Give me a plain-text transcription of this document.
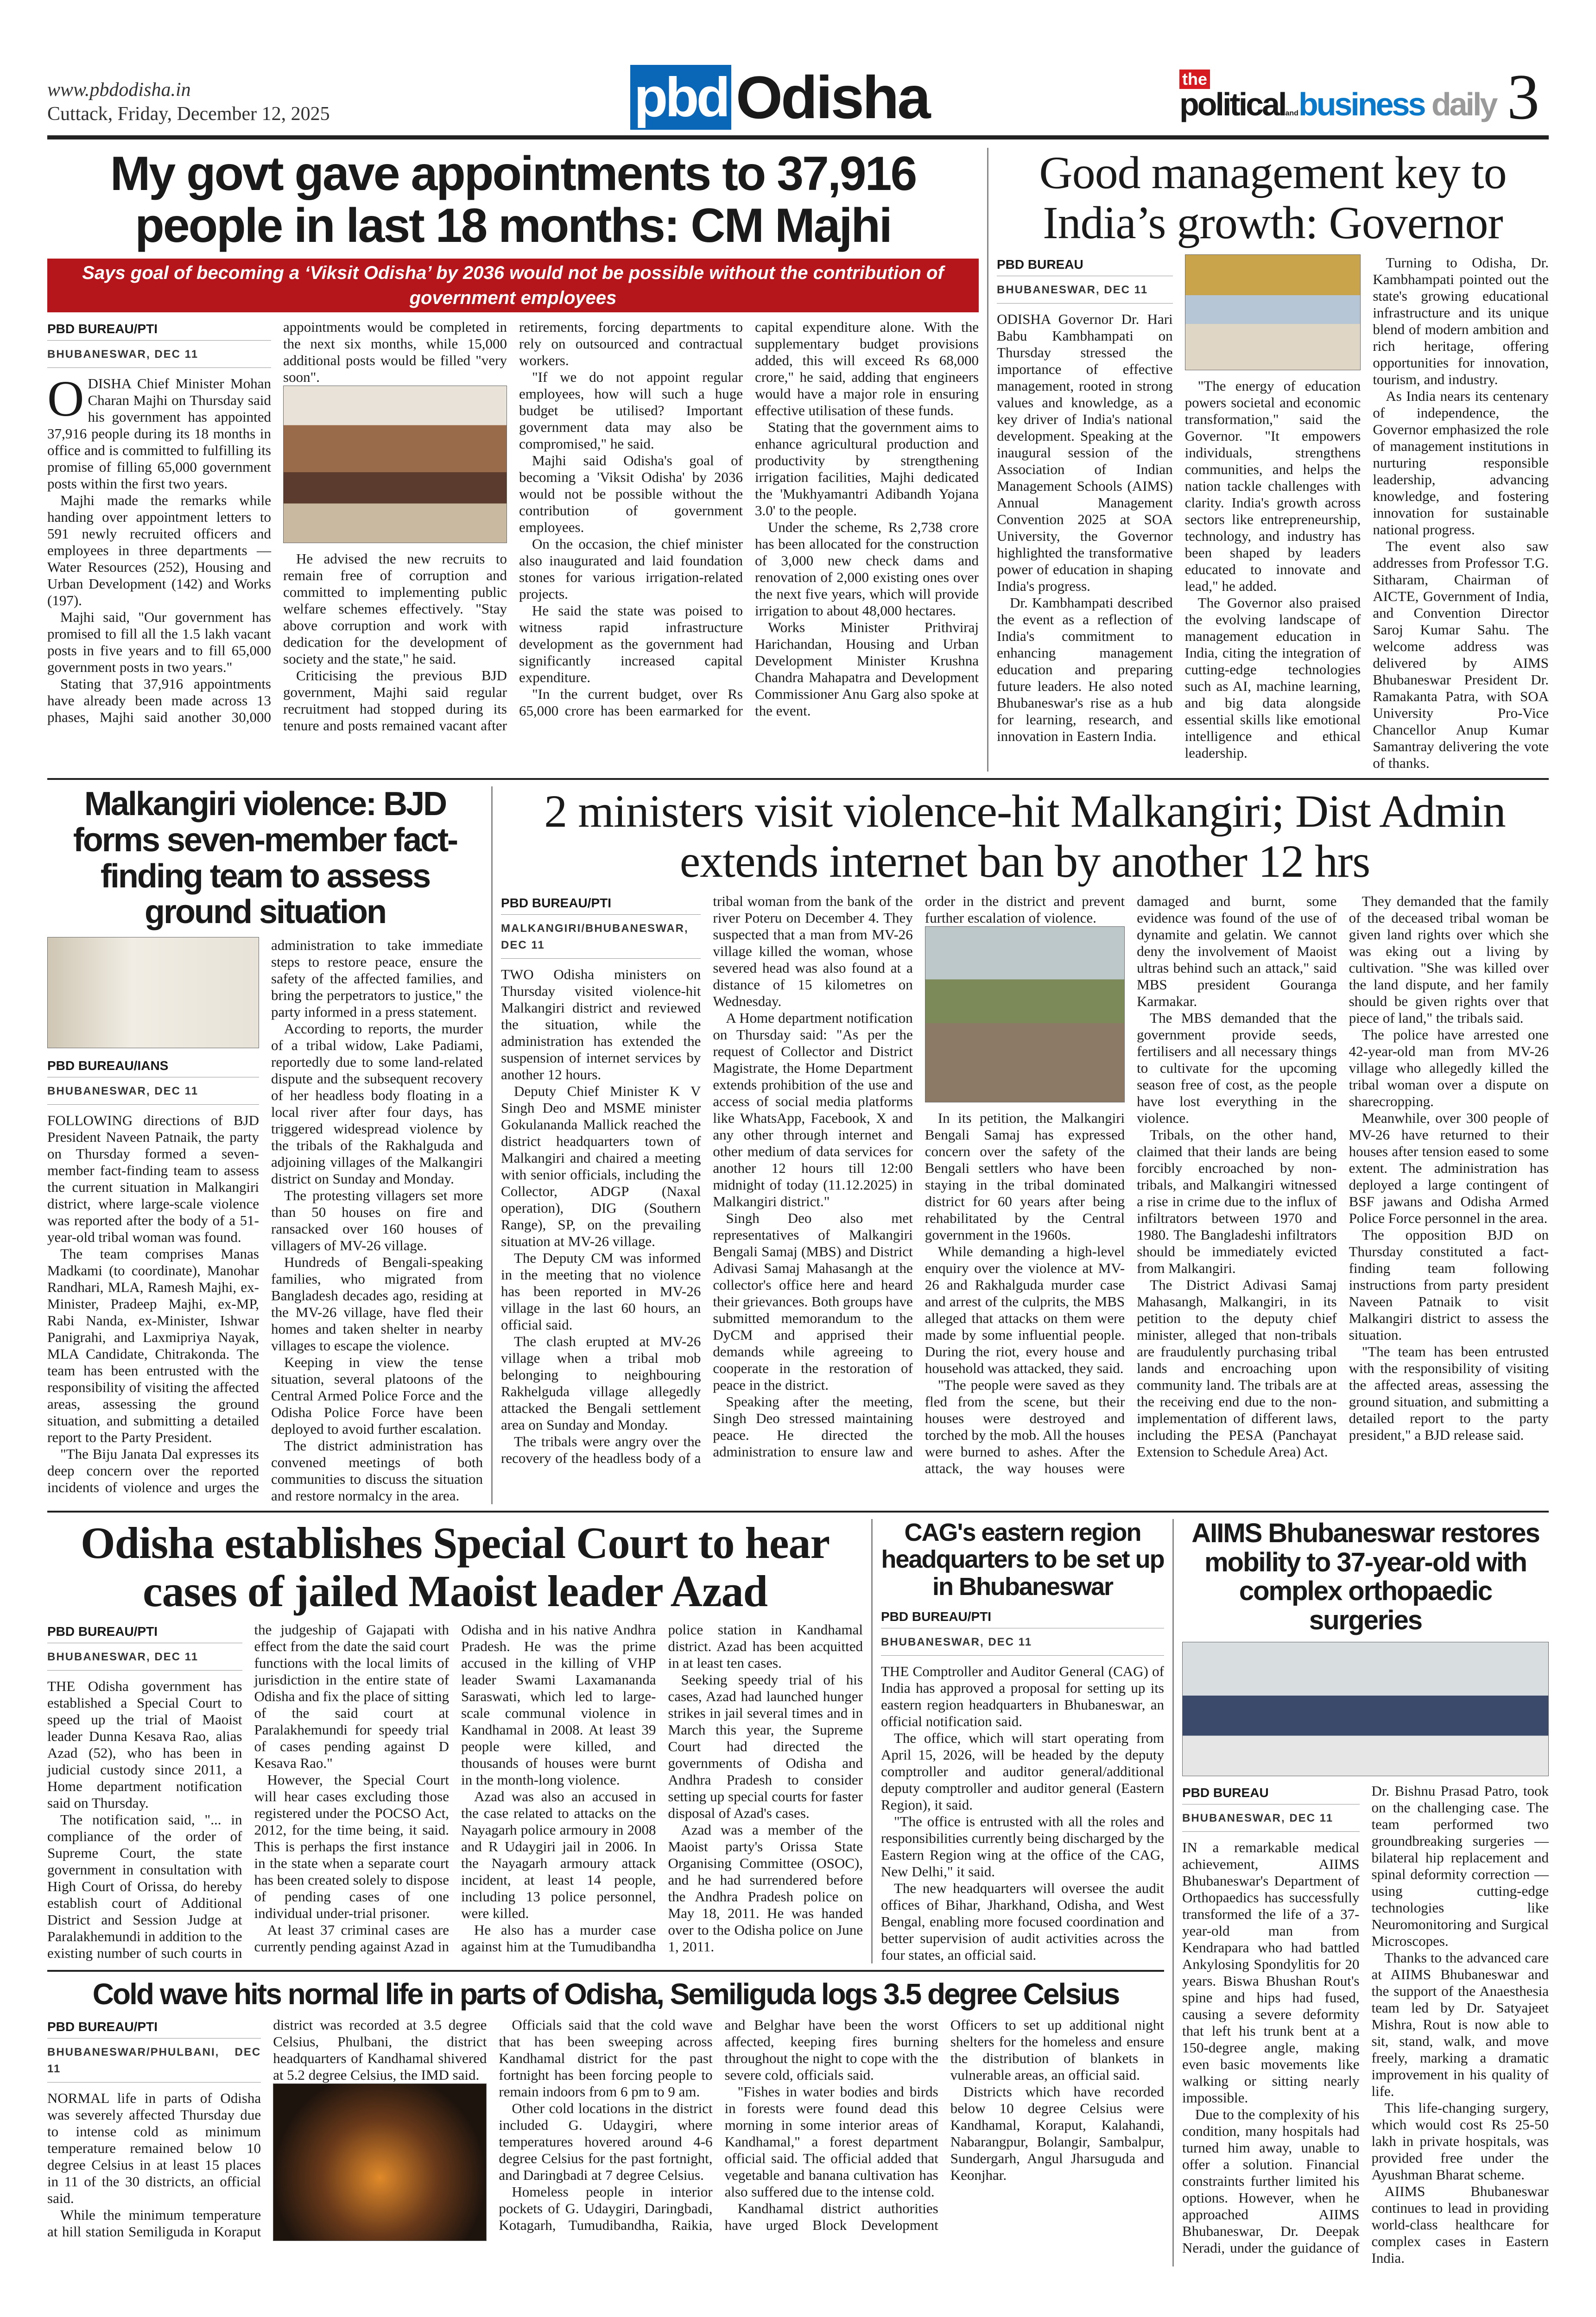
www.pbdodisha.in
Cuttack, Friday, December 12, 2025	pbd Odisha	the
politicalandbusiness daily 3
My govt gave appointments to 37,916 people in last 18 months: CM Majhi
Says goal of becoming a ‘Viksit Odisha’ by 2036 would not be possible without the contribution of government employees
PBD BUREAU/PTI
BHUBANESWAR, DEC 11

ODISHA Chief Minister Mohan Charan Majhi on Thursday said his government has appointed 37,916 people during its 18 months in office and is committed to fulfilling its promise of filling 65,000 government posts within the first two years.

Majhi made the remarks while handing over appointment letters to 591 newly recruited officers and employees in three departments — Water Resources (252), Housing and Urban Development (142) and Works (197).

Majhi said, "Our government has promised to fill all the 1.5 lakh vacant posts in five years and to fill 65,000 government posts in two years."

Stating that 37,916 appointments have already been made across 13 phases, Majhi said another 30,000 appointments would be completed in the next six months, while 15,000 additional posts would be filled "very soon".

He advised the new recruits to remain free of corruption and committed to implementing public welfare schemes effectively. "Stay above corruption and work with dedication for the development of society and the state," he said.

Criticising the previous BJD government, Majhi said regular recruitment had stopped during its tenure and posts remained vacant after retirements, forcing departments to rely on outsourced and contractual workers.

"If we do not appoint regular employees, how will such a huge budget be utilised? Important government data may also be compromised," he said.

Majhi said Odisha's goal of becoming a 'Viksit Odisha' by 2036 would not be possible without the contribution of government employees.

On the occasion, the chief minister also inaugurated and laid foundation stones for various irrigation-related projects.

He said the state was poised to witness rapid infrastructure development as the government had significantly increased capital expenditure.

"In the current budget, over Rs 65,000 crore has been earmarked for capital expenditure alone. With the supplementary budget provisions added, this will exceed Rs 68,000 crore," he said, adding that engineers would have a major role in ensuring effective utilisation of these funds.

Stating that the government aims to enhance agricultural production and productivity by strengthening irrigation facilities, Majhi dedicated the 'Mukhyamantri Adibandh Yojana 3.0' to the people.

Under the scheme, Rs 2,738 crore has been allocated for the construction of 3,000 new check dams and renovation of 2,000 existing ones over the next five years, which will provide irrigation to about 48,000 hectares.

Works Minister Prithviraj Harichandan, Housing and Urban Development Minister Krushna Chandra Mahapatra and Development Commissioner Anu Garg also spoke at the event.

Good management key to India’s growth: Governor
PBD BUREAU
BHUBANESWAR, DEC 11

ODISHA Governor Dr. Hari Babu Kambhampati on Thursday stressed the importance of effective management, rooted in strong values and knowledge, as a key driver of India's national development. Speaking at the inaugural session of the Association of Indian Management Schools (AIMS) Annual Management Convention 2025 at SOA University, the Governor highlighted the transformative power of education in shaping India's progress.

Dr. Kambhampati described the event as a reflection of India's commitment to enhancing management education and preparing future leaders. He also noted Bhubaneswar's rise as a hub for learning, research, and innovation in Eastern India.

"The energy of education powers societal and economic transformation," said the Governor. "It empowers individuals, strengthens communities, and helps the nation tackle challenges with clarity. India's growth across sectors like entrepreneurship, technology, and industry has been shaped by leaders educated to innovate and lead," he added.

The Governor also praised the evolving landscape of management education in India, citing the integration of cutting-edge technologies such as AI, machine learning, and big data alongside essential skills like emotional intelligence and ethical leadership.

Turning to Odisha, Dr. Kambhampati pointed out the state's growing educational infrastructure and its unique blend of modern ambition and rich heritage, offering opportunities for innovation, tourism, and industry.

As India nears its centenary of independence, the Governor emphasized the role of management institutions in nurturing responsible leadership, advancing knowledge, and fostering innovation for sustainable national progress.

The event also saw addresses from Professor T.G. Sitharam, Chairman of AICTE, Government of India, and Convention Director Saroj Kumar Sahu. The welcome address was delivered by AIMS Bhubaneswar President Dr. Ramakanta Patra, with SOA University Pro-Vice Chancellor Anup Kumar Samantray delivering the vote of thanks.

Malkangiri violence: BJD forms seven-member fact-finding team to assess ground situation
PBD BUREAU/IANS
BHUBANESWAR, DEC 11

FOLLOWING directions of BJD President Naveen Patnaik, the party on Thursday formed a seven-member fact-finding team to assess the current situation in Malkangiri district, where large-scale violence was reported after the body of a 51-year-old tribal woman was found.

The team comprises Manas Madkami (to coordinate), Manohar Randhari, MLA, Ramesh Majhi, ex-Minister, Pradeep Majhi, ex-MP, Rabi Nanda, ex-Minister, Ishwar Panigrahi, and Laxmipriya Nayak, MLA Candidate, Chitrakonda. The team has been entrusted with the responsibility of visiting the affected areas, assessing the ground situation, and submitting a detailed report to the Party President.

"The Biju Janata Dal expresses its deep concern over the reported incidents of violence and urges the administration to take immediate steps to restore peace, ensure the safety of the affected families, and bring the perpetrators to justice," the party informed in a press statement.

According to reports, the murder of a tribal widow, Lake Padiami, reportedly due to some land-related dispute and the subsequent recovery of her headless body floating in a local river after four days, has triggered widespread violence by the tribals of the Rakhalguda and adjoining villages of the Malkangiri district on Sunday and Monday.

The protesting villagers set more than 50 houses on fire and ransacked over 160 houses of villagers of MV-26 village.

Hundreds of Bengali-speaking families, who migrated from Bangladesh decades ago, residing at the MV-26 village, have fled their homes and taken shelter in nearby villages to escape the violence.

Keeping in view the tense situation, several platoons of the Central Armed Police Force and the Odisha Police Force have been deployed to avoid further escalation.

The district administration has convened meetings of both communities to discuss the situation and restore normalcy in the area.

2 ministers visit violence-hit Malkangiri; Dist Admin extends internet ban by another 12 hrs
PBD BUREAU/PTI
MALKANGIRI/BHUBANESWAR, DEC 11

TWO Odisha ministers on Thursday visited violence-hit Malkangiri district and reviewed the situation, while the administration has extended the suspension of internet services by another 12 hours.

Deputy Chief Minister K V Singh Deo and MSME minister Gokulananda Mallick reached the district headquarters town of Malkangiri and chaired a meeting with senior officials, including the Collector, ADGP (Naxal operation), DIG (Southern Range), SP, on the prevailing situation at MV-26 village.

The Deputy CM was informed in the meeting that no violence has been reported in MV-26 village in the last 60 hours, an official said.

The clash erupted at MV-26 village when a tribal mob belonging to neighbouring Rakhelguda village allegedly attacked the Bengali settlement area on Sunday and Monday.

The tribals were angry over the recovery of the headless body of a tribal woman from the bank of the river Poteru on December 4. They suspected that a man from MV-26 village killed the woman, whose severed head was also found at a distance of 15 kilometres on Wednesday.

A Home department notification on Thursday said: "As per the request of Collector and District Magistrate, the Home Department extends prohibition of the use and access of social media platforms like WhatsApp, Facebook, X and any other through internet and other medium of data services for another 12 hours till 12:00 midnight of today (11.12.2025) in Malkangiri district."

Singh Deo also met representatives of Malkangiri Bengali Samaj (MBS) and District Adivasi Samaj Mahasangh at the collector's office here and heard their grievances. Both groups have submitted memorandum to the DyCM and apprised their demands while agreeing to cooperate in the restoration of peace in the district.

Speaking after the meeting, Singh Deo stressed maintaining peace. He directed the administration to ensure law and order in the district and prevent further escalation of violence.

In its petition, the Malkangiri Bengali Samaj has expressed concern over the safety of the Bengali settlers who have been staying in the tribal dominated district for 60 years after being rehabilitated by the Central government in the 1960s.

While demanding a high-level enquiry over the violence at MV-26 and Rakhalguda murder case and arrest of the culprits, the MBS alleged that attacks on them were made by some influential people. During the riot, every house and household was attacked, they said.

"The people were saved as they fled from the scene, but their houses were destroyed and torched by the mob. All the houses were burned to ashes. After the attack, the way houses were damaged and burnt, some evidence was found of the use of dynamite and gelatin. We cannot deny the involvement of Maoist ultras behind such an attack," said MBS president Gouranga Karmakar.

The MBS demanded that the government provide seeds, fertilisers and all necessary things to cultivate for the upcoming season free of cost, as the people have lost everything in the violence.

Tribals, on the other hand, claimed that their lands are being forcibly encroached by non-tribals, and Malkangiri witnessed a rise in crime due to the influx of infiltrators between 1970 and 1980. The Bangladeshi infiltrators should be immediately evicted from Malkangiri.

The District Adivasi Samaj Mahasangh, Malkangiri, in its petition to the deputy chief minister, alleged that non-tribals are fraudulently purchasing tribal lands and encroaching upon community land. The tribals are at the receiving end due to the non-implementation of different laws, including the PESA (Panchayat Extension to Schedule Area) Act.

They demanded that the family of the deceased tribal woman be given land rights over which she was eking out a living by cultivation. "She was killed over the land dispute, and her family should be given rights over that piece of land," the tribals said.

The police have arrested one 42-year-old man from MV-26 village who allegedly killed the tribal woman over a dispute on sharecropping.

Meanwhile, over 300 people of MV-26 have returned to their houses after tension eased to some extent. The administration has deployed a large contingent of BSF jawans and Odisha Armed Police Force personnel in the area.

The opposition BJD on Thursday constituted a fact-finding team following instructions from party president Naveen Patnaik to visit Malkangiri district to assess the situation.

"The team has been entrusted with the responsibility of visiting the affected areas, assessing the ground situation, and submitting a detailed report to the party president," a BJD release said.

Odisha establishes Special Court to hear cases of jailed Maoist leader Azad
PBD BUREAU/PTI
BHUBANESWAR, DEC 11

THE Odisha government has established a Special Court to speed up the trial of Maoist leader Dunna Kesava Rao, alias Azad (52), who has been in judicial custody since 2011, a Home department notification said on Thursday.

The notification said, "... in compliance of the order of Supreme Court, the state government in consultation with High Court of Orissa, do hereby establish court of Additional District and Session Judge at Paralakhemundi in addition to the existing number of such courts in the judgeship of Gajapati with effect from the date the said court functions with the local limits of jurisdiction in the entire state of Odisha and fix the place of sitting of the said court at Paralakhemundi for speedy trial of cases pending against D Kesava Rao."

However, the Special Court will hear cases excluding those registered under the POCSO Act, 2012, for the time being, it said. This is perhaps the first instance in the state when a separate court has been created solely to dispose of pending cases of one individual under-trial prisoner.

At least 37 criminal cases are currently pending against Azad in Odisha and in his native Andhra Pradesh. He was the prime accused in the killing of VHP leader Swami Laxamananda Saraswati, which led to large-scale communal violence in Kandhamal in 2008. At least 39 people were killed, and thousands of houses were burnt in the month-long violence.

Azad was also an accused in the case related to attacks on the Nayagarh police armoury in 2008 and R Udaygiri jail in 2006. In the Nayagarh armoury attack incident, at least 14 people, including 13 police personnel, were killed.

He also has a murder case against him at the Tumudibandha police station in Kandhamal district. Azad has been acquitted in at least ten cases.

Seeking speedy trial of his cases, Azad had launched hunger strikes in jail several times and in March this year, the Supreme Court had directed the governments of Odisha and Andhra Pradesh to consider setting up special courts for faster disposal of Azad's cases.

Azad was a member of the Maoist party's Orissa State Organising Committee (OSOC), and he had surrendered before the Andhra Pradesh police on May 18, 2011. He was handed over to the Odisha police on June 1, 2011.

CAG's eastern region headquarters to be set up in Bhubaneswar
PBD BUREAU/PTI
BHUBANESWAR, DEC 11

THE Comptroller and Auditor General (CAG) of India has approved a proposal for setting up its eastern region headquarters in Bhubaneswar, an official notification said.

The office, which will start operating from April 15, 2026, will be headed by the deputy comptroller and auditor general/additional deputy comptroller and auditor general (Eastern Region), it said.

"The office is entrusted with all the roles and responsibilities currently being discharged by the Eastern Region wing at the office of the CAG, New Delhi," it said.

The new headquarters will oversee the audit offices of Bihar, Jharkhand, Odisha, and West Bengal, enabling more focused coordination and better supervision of audit activities across the four states, an official said.

Cold wave hits normal life in parts of Odisha, Semiliguda logs 3.5 degree Celsius
PBD BUREAU/PTI
BHUBANESWAR/PHULBANI, DEC 11

NORMAL life in parts of Odisha was severely affected Thursday due to intense cold as minimum temperature remained below 10 degree Celsius in at least 15 places in 11 of the 30 districts, an official said.

While the minimum temperature at hill station Semiliguda in Koraput district was recorded at 3.5 degree Celsius, Phulbani, the district headquarters of Kandhamal shivered at 5.2 degree Celsius, the IMD said.

Officials said that the cold wave that has been sweeping across Kandhamal district for the past fortnight has been forcing people to remain indoors from 6 pm to 9 am.

Other cold locations in the district included G. Udaygiri, where temperatures hovered around 4-6 degree Celsius for the past fortnight, and Daringbadi at 7 degree Celsius.

Homeless people in interior pockets of G. Udaygiri, Daringbadi, Kotagarh, Tumudibandha, Raikia, and Belghar have been the worst affected, keeping fires burning throughout the night to cope with the severe cold, officials said.

"Fishes in water bodies and birds in forests were found dead this morning in some interior areas of Kandhamal," a forest department official said. The official added that vegetable and banana cultivation has also suffered due to the intense cold.

Kandhamal district authorities have urged Block Development Officers to set up additional night shelters for the homeless and ensure the distribution of blankets in vulnerable areas, an official said.

Districts which have recorded below 10 degree Celsius were Kandhamal, Koraput, Kalahandi, Nabarangpur, Bolangir, Sambalpur, Sundergarh, Angul Jharsuguda and Keonjhar.

AIIMS Bhubaneswar restores mobility to 37-year-old with complex orthopaedic surgeries
PBD BUREAU
BHUBANESWAR, DEC 11

IN a remarkable medical achievement, AIIMS Bhubaneswar's Department of Orthopaedics has successfully transformed the life of a 37-year-old man from Kendrapara who had battled Ankylosing Spondylitis for 20 years. Biswa Bhushan Rout's spine and hips had fused, causing a severe deformity that left his trunk bent at a 150-degree angle, making even basic movements like walking or sitting nearly impossible.

Due to the complexity of his condition, many hospitals had turned him away, unable to offer a solution. Financial constraints further limited his options. However, when he approached AIIMS Bhubaneswar, Dr. Deepak Neradi, under the guidance of Dr. Bishnu Prasad Patro, took on the challenging case. The team performed two groundbreaking surgeries — bilateral hip replacement and spinal deformity correction — using cutting-edge technologies like Neuromonitoring and Surgical Microscopes.

Thanks to the advanced care at AIIMS Bhubaneswar and the support of the Anaesthesia team led by Dr. Satyajeet Mishra, Rout is now able to sit, stand, walk, and move freely, marking a dramatic improvement in his quality of life.

This life-changing surgery, which would cost Rs 25-50 lakh in private hospitals, was provided free under the Ayushman Bharat scheme.

AIIMS Bhubaneswar continues to lead in providing world-class healthcare for complex cases in Eastern India.
